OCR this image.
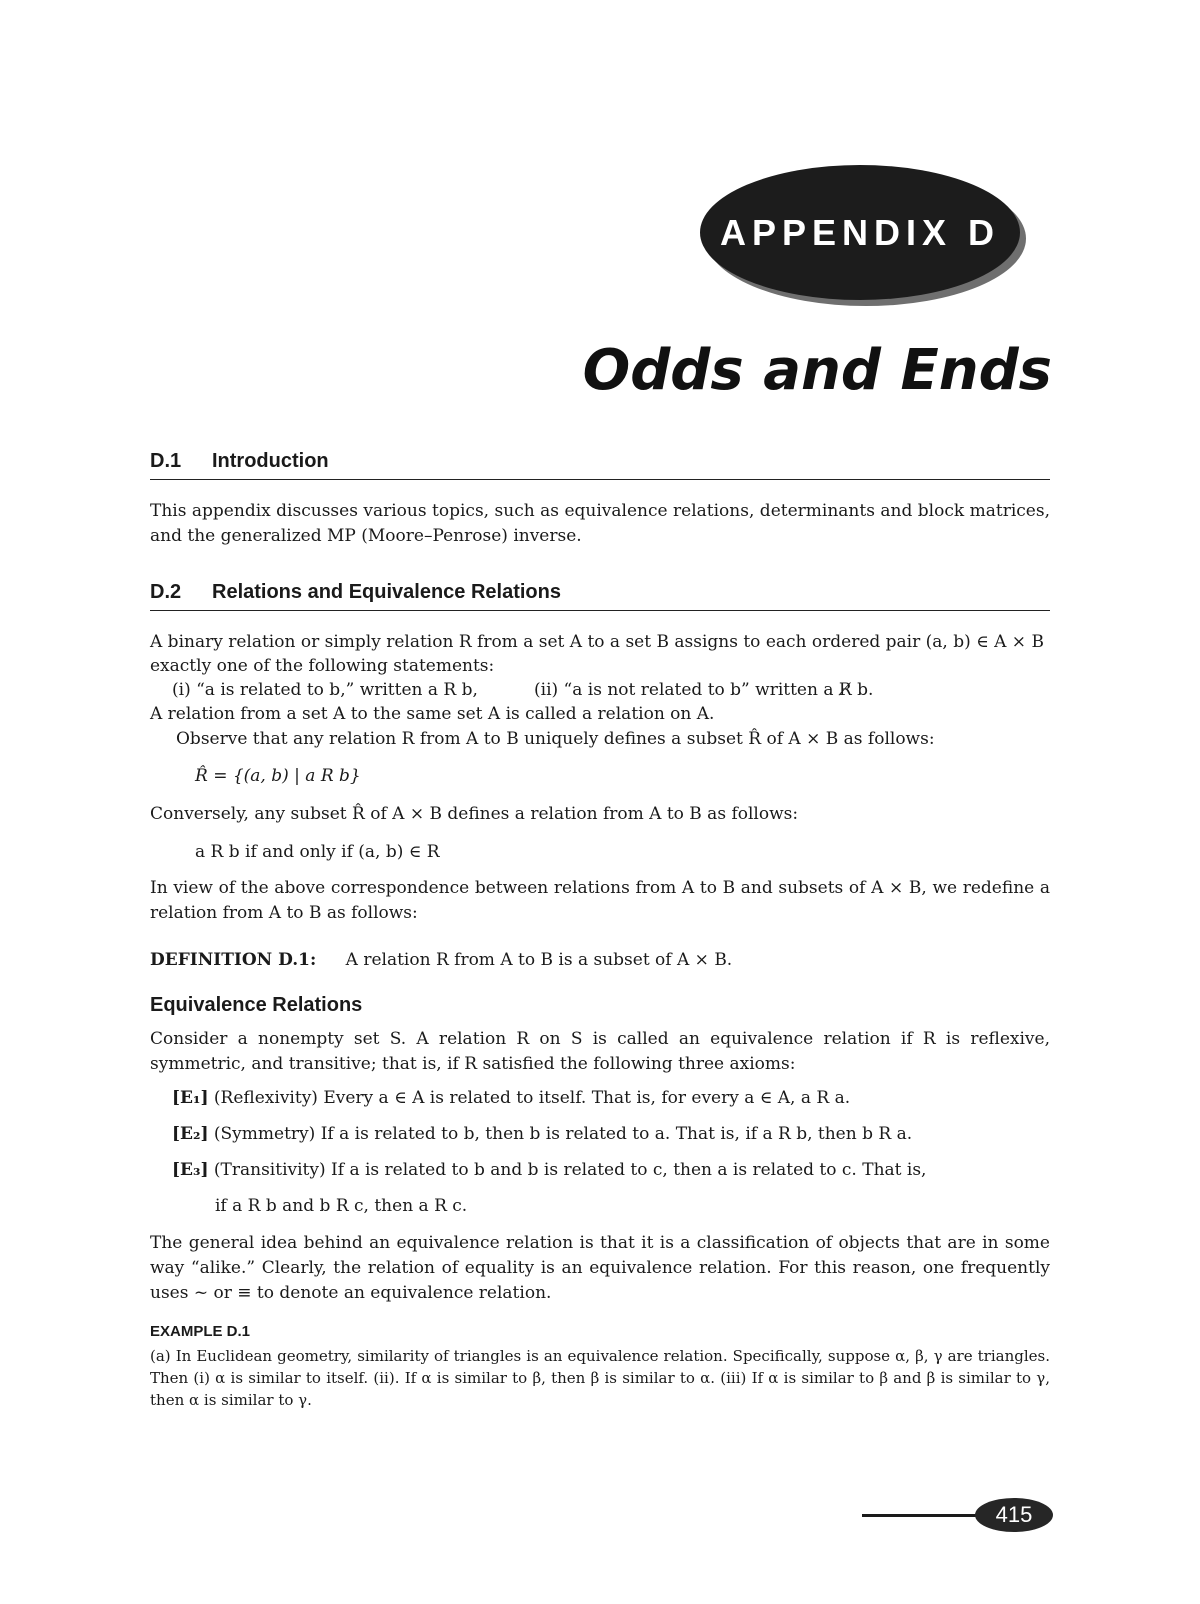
APPENDIX D
Odds and Ends
D.1 Introduction
This appendix discusses various topics, such as equivalence relations, determinants and block matrices, and the generalized MP (Moore–Penrose) inverse.
D.2 Relations and Equivalence Relations
A binary relation or simply relation R from a set A to a set B assigns to each ordered pair (a, b) ∈ A × B
exactly one of the following statements:
(i) “a is related to b,” written a R b,	(ii) “a is not related to b” written a R̸ b.
A relation from a set A to the same set A is called a relation on A.
Observe that any relation R from A to B uniquely defines a subset R̂ of A × B as follows:
R̂ = {(a, b) | a R b}
Conversely, any subset R̂ of A × B defines a relation from A to B as follows:
a R b if and only if (a, b) ∈ R
In view of the above correspondence between relations from A to B and subsets of A × B, we redefine a relation from A to B as follows:
DEFINITION D.1: A relation R from A to B is a subset of A × B.
Equivalence Relations
Consider a nonempty set S. A relation R on S is called an equivalence relation if R is reflexive, symmetric, and transitive; that is, if R satisfied the following three axioms:
[E₁] (Reflexivity) Every a ∈ A is related to itself. That is, for every a ∈ A, a R a.
[E₂] (Symmetry) If a is related to b, then b is related to a. That is, if a R b, then b R a.
[E₃] (Transitivity) If a is related to b and b is related to c, then a is related to c. That is,
if a R b and b R c, then a R c.
The general idea behind an equivalence relation is that it is a classification of objects that are in some way “alike.” Clearly, the relation of equality is an equivalence relation. For this reason, one frequently uses ~ or ≡ to denote an equivalence relation.
EXAMPLE D.1
(a) In Euclidean geometry, similarity of triangles is an equivalence relation. Specifically, suppose α, β, γ are triangles. Then (i) α is similar to itself. (ii). If α is similar to β, then β is similar to α. (iii) If α is similar to β and β is similar to γ, then α is similar to γ.
415
